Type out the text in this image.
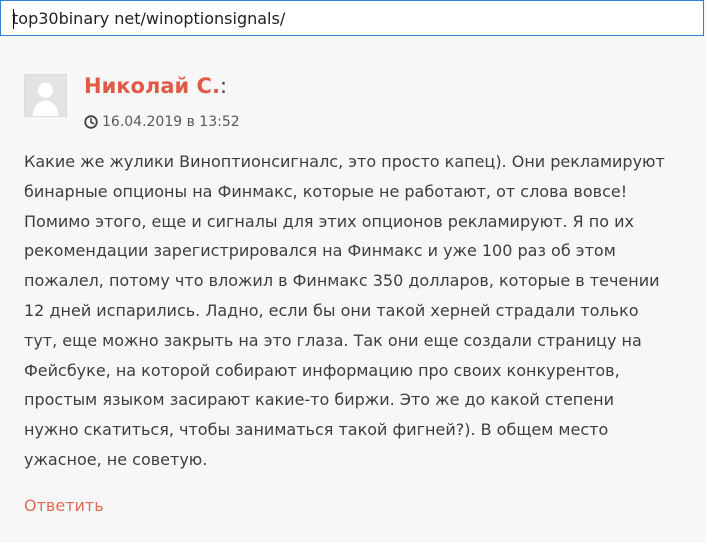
top30binary net/winoptionsignals/
Николай С.:
16.04.2019 в 13:52

Какие же жулики Виноптионсигналс, это просто капец). Они рекламируют

бинарные опционы на Финмакс, которые не работают, от слова вовсе!

Помимо этого, еще и сигналы для этих опционов рекламируют. Я по их

рекомендации зарегистрировался на Финмакс и уже 100 раз об этом

пожалел, потому что вложил в Финмакс 350 долларов, которые в течении

12 дней испарились. Ладно, если бы они такой херней страдали только

тут, еще можно закрыть на это глаза. Так они еще создали страницу на

Фейсбуке, на которой собирают информацию про своих конкурентов,

простым языком засирают какие-то биржи. Это же до какой степени

нужно скатиться, чтобы заниматься такой фигней?). В общем место

ужасное, не советую.

Ответить
